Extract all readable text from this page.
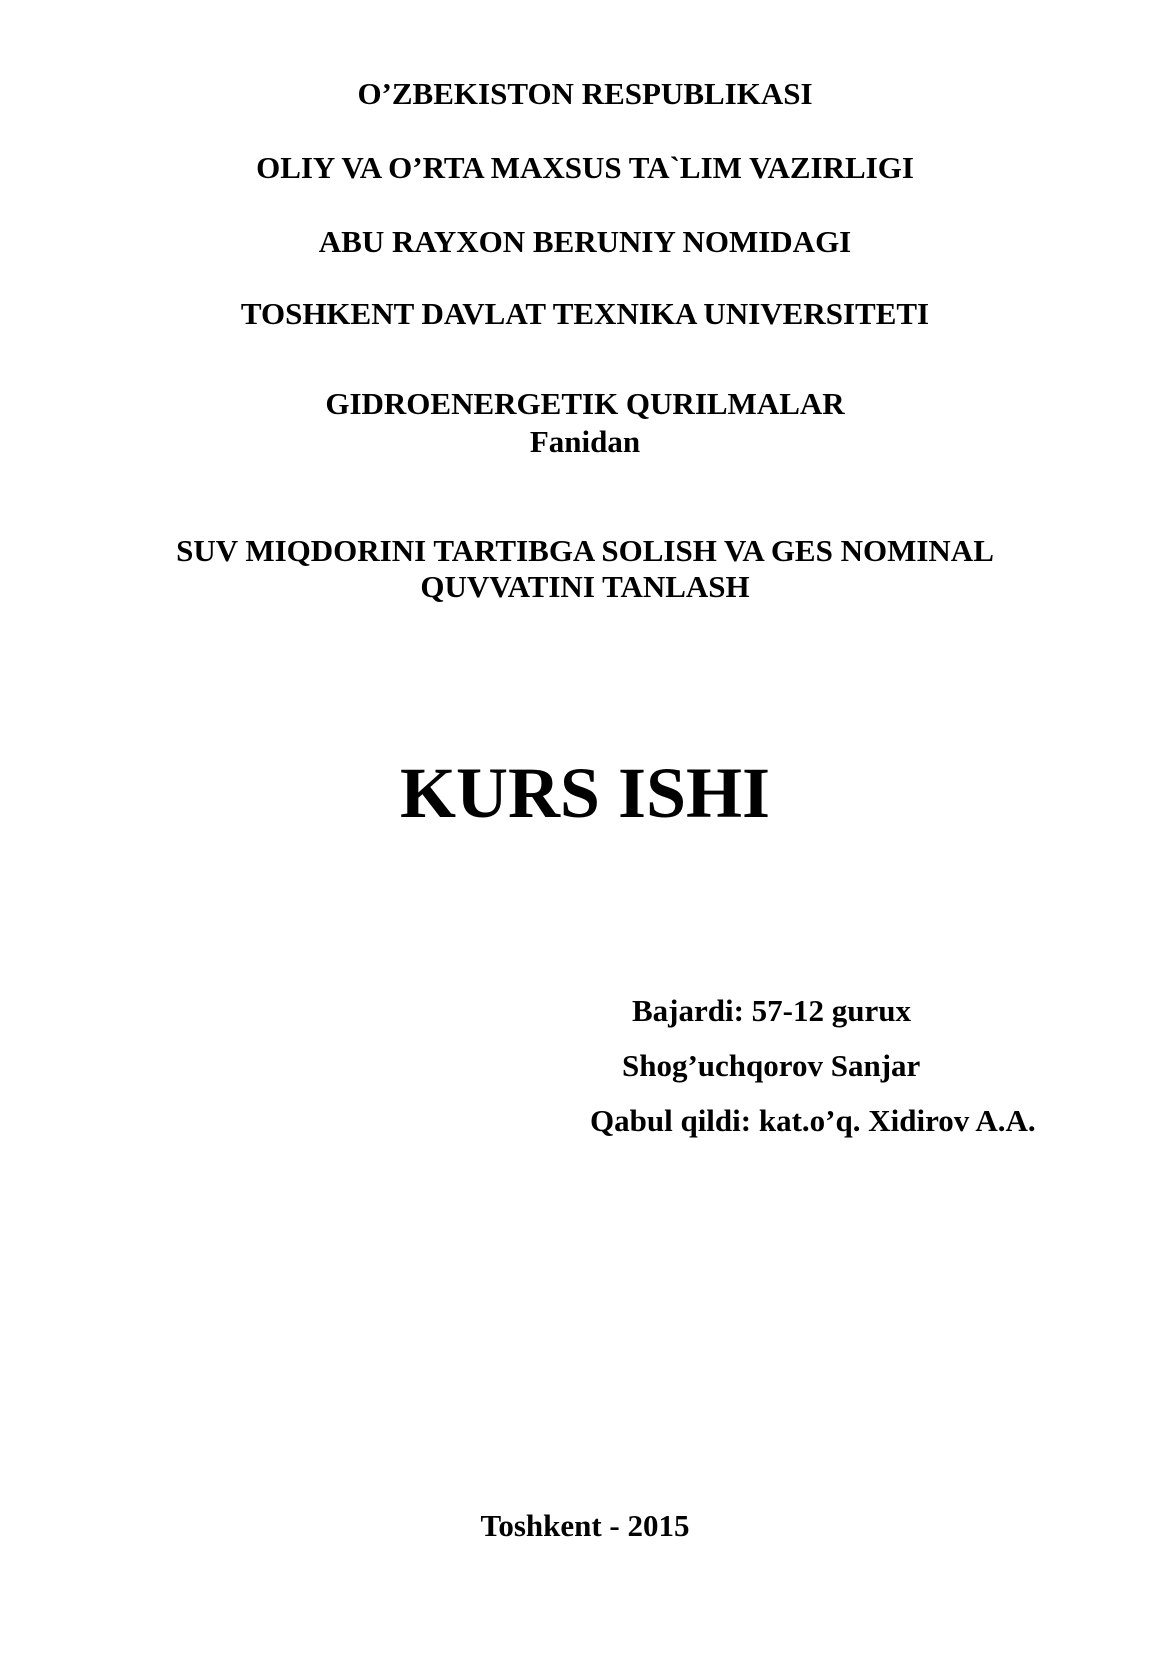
O’ZBEKISTON RESPUBLIKASI
OLIY VA O’RTA MAXSUS TA`LIM VAZIRLIGI
ABU RAYXON BERUNIY NOMIDAGI
TOSHKENT DAVLAT TEXNIKA UNIVERSITETI
GIDROENERGETIK QURILMALAR
Fanidan
SUV MIQDORINI TARTIBGA SOLISH VA GES NOMINAL
QUVVATINI TANLASH
KURS ISHI
Bajardi: 57-12 gurux
Shog’uchqorov Sanjar
Qabul qildi: kat.o’q. Xidirov A.A.
Toshkent - 2015
